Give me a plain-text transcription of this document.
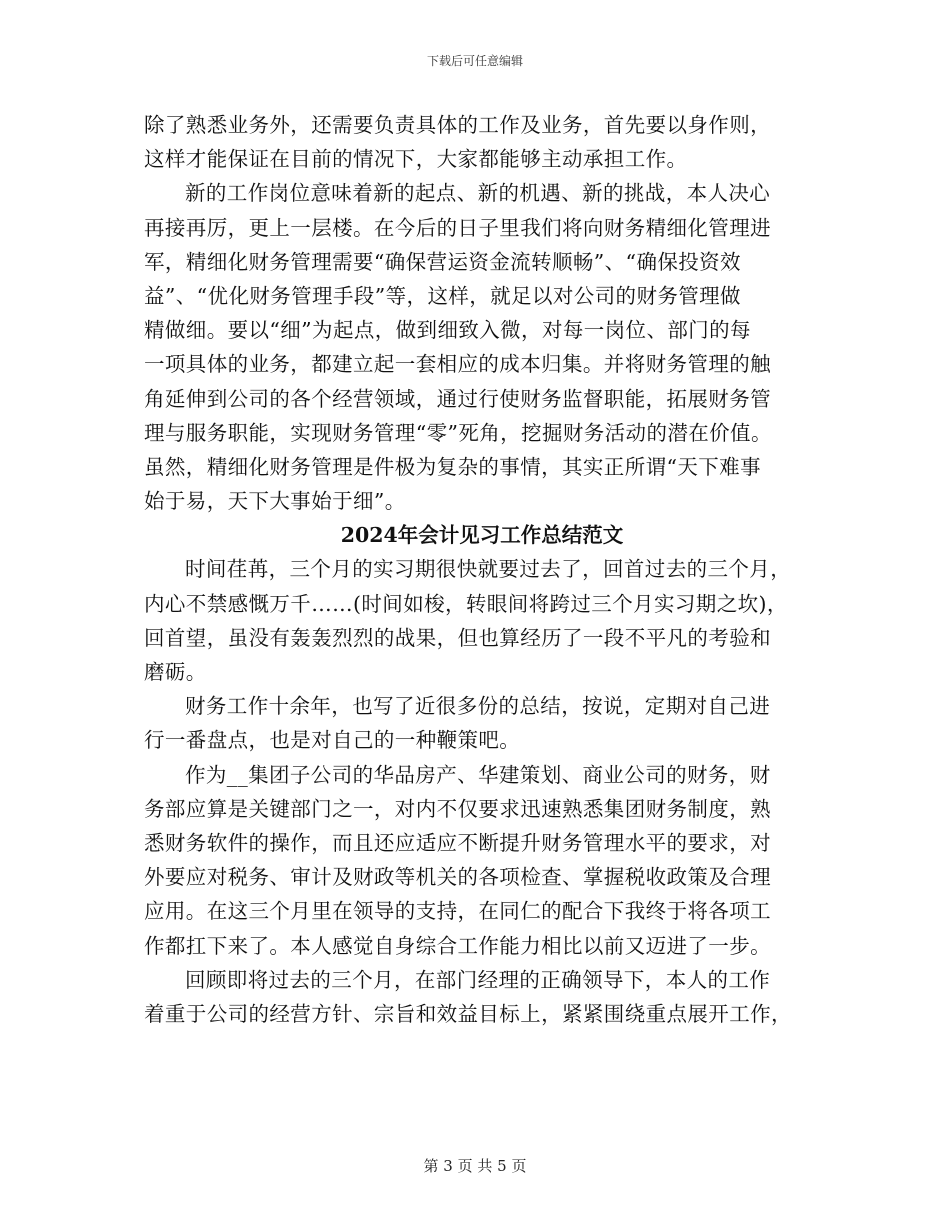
下载后可任意编辑
除了熟悉业务外，还需要负责具体的工作及业务，首先要以身作则，
这样才能保证在目前的情况下，大家都能够主动承担工作。
新的工作岗位意味着新的起点、新的机遇、新的挑战，本人决心
再接再厉，更上一层楼。在今后的日子里我们将向财务精细化管理进
军，精细化财务管理需要“确保营运资金流转顺畅”、“确保投资效
益”、“优化财务管理手段”等，这样，就足以对公司的财务管理做
精做细。要以“细”为起点，做到细致入微，对每一岗位、部门的每
一项具体的业务，都建立起一套相应的成本归集。并将财务管理的触
角延伸到公司的各个经营领域，通过行使财务监督职能，拓展财务管
理与服务职能，实现财务管理“零”死角，挖掘财务活动的潜在价值。
虽然，精细化财务管理是件极为复杂的事情，其实正所谓“天下难事
始于易，天下大事始于细”。
2024年会计见习工作总结范文
时间荏苒，三个月的实习期很快就要过去了，回首过去的三个月，
内心不禁感慨万千……(时间如梭，转眼间将跨过三个月实习期之坎)，
回首望，虽没有轰轰烈烈的战果，但也算经历了一段不平凡的考验和
磨砺。
财务工作十余年，也写了近很多份的总结，按说，定期对自己进
行一番盘点，也是对自己的一种鞭策吧。
作为__集团子公司的华品房产、华建策划、商业公司的财务，财
务部应算是关键部门之一，对内不仅要求迅速熟悉集团财务制度，熟
悉财务软件的操作，而且还应适应不断提升财务管理水平的要求，对
外要应对税务、审计及财政等机关的各项检查、掌握税收政策及合理
应用。在这三个月里在领导的支持，在同仁的配合下我终于将各项工
作都扛下来了。本人感觉自身综合工作能力相比以前又迈进了一步。
回顾即将过去的三个月，在部门经理的正确领导下，本人的工作
着重于公司的经营方针、宗旨和效益目标上，紧紧围绕重点展开工作，
第 3 页 共 5 页
